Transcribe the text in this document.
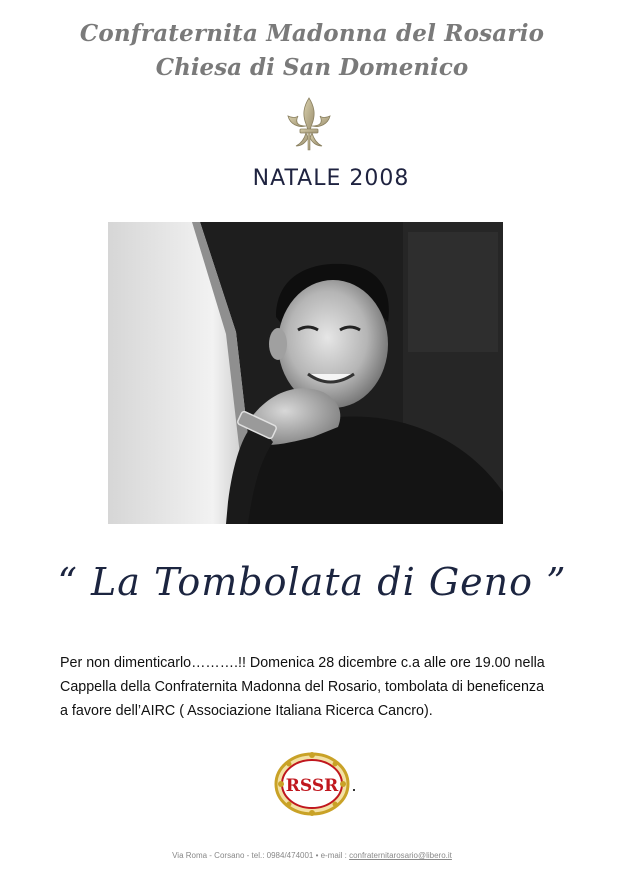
Confraternita Madonna del Rosario
Chiesa di San Domenico
NATALE 2008
“ La Tombolata di Geno ”
Per non dimenticarlo……….!! Domenica 28 dicembre c.a alle ore 19.00 nella
Cappella della Confraternita Madonna del Rosario, tombolata di beneficenza
a favore dell’AIRC ( Associazione Italiana Ricerca Cancro).
RSSR
Via Roma - Corsano - tel.: 0984/474001 • e-mail : confraternitarosario@libero.it
